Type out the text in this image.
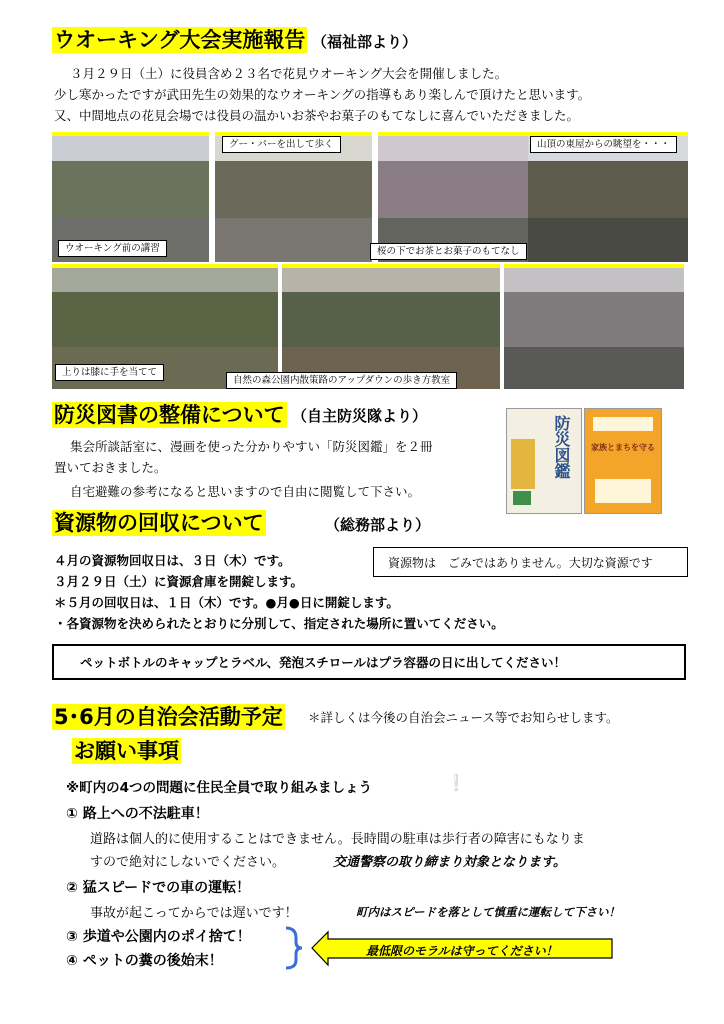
ウオーキング大会実施報告 （福祉部より）
３月２９日（土）に役員含め２３名で花見ウオーキング大会を開催しました。
少し寒かったですが武田先生の効果的なウオーキングの指導もあり楽しんで頂けたと思います。
又、中間地点の花見会場では役員の温かいお茶やお菓子のもてなしに喜んでいただきました。
ウオーキング前の講習
グー・パーを出して歩く
桜の下でお茶とお菓子のもてなし
山頂の東屋からの眺望を・・・
上りは膝に手を当てて
自然の森公園内散策路のアップダウンの歩き方教室
防災図書の整備について （自主防災隊より）
集会所談話室に、漫画を使った分かりやすい「防災図鑑」を２冊
置いておきました。
自宅避難の参考になると思いますので自由に閲覧して下さい。
防災図鑑	家族とまちを守る
資源物の回収について	（総務部より）
４月の資源物回収日は、３日（木）です。
３月２９日（土）に資源倉庫を開錠します。
＊５月の回収日は、１日（木）です。●月●日に開錠します。
・各資源物を決められたとおりに分別して、指定された場所に置いてください。
資源物は　ごみではありません。大切な資源です
ペットボトルのキャップとラベル、発泡スチロールはプラ容器の日に出してください！
5･6月の自治会活動予定 ＊詳しくは今後の自治会ニュース等でお知らせします。
お願い事項
※町内の4つの問題に住民全員で取り組みましょう	❕
① 路上への不法駐車！
道路は個人的に使用することはできません。長時間の駐車は歩行者の障害にもなりま
すので絶対にしないでください。	交通警察の取り締まり対象となります。
② 猛スピードでの車の運転！
事故が起こってからでは遅いです！	町内はスピードを落として慎重に運転して下さい！
③ 歩道や公園内のポイ捨て！
④ ペットの糞の後始末！
最低限のモラルは守ってください！
